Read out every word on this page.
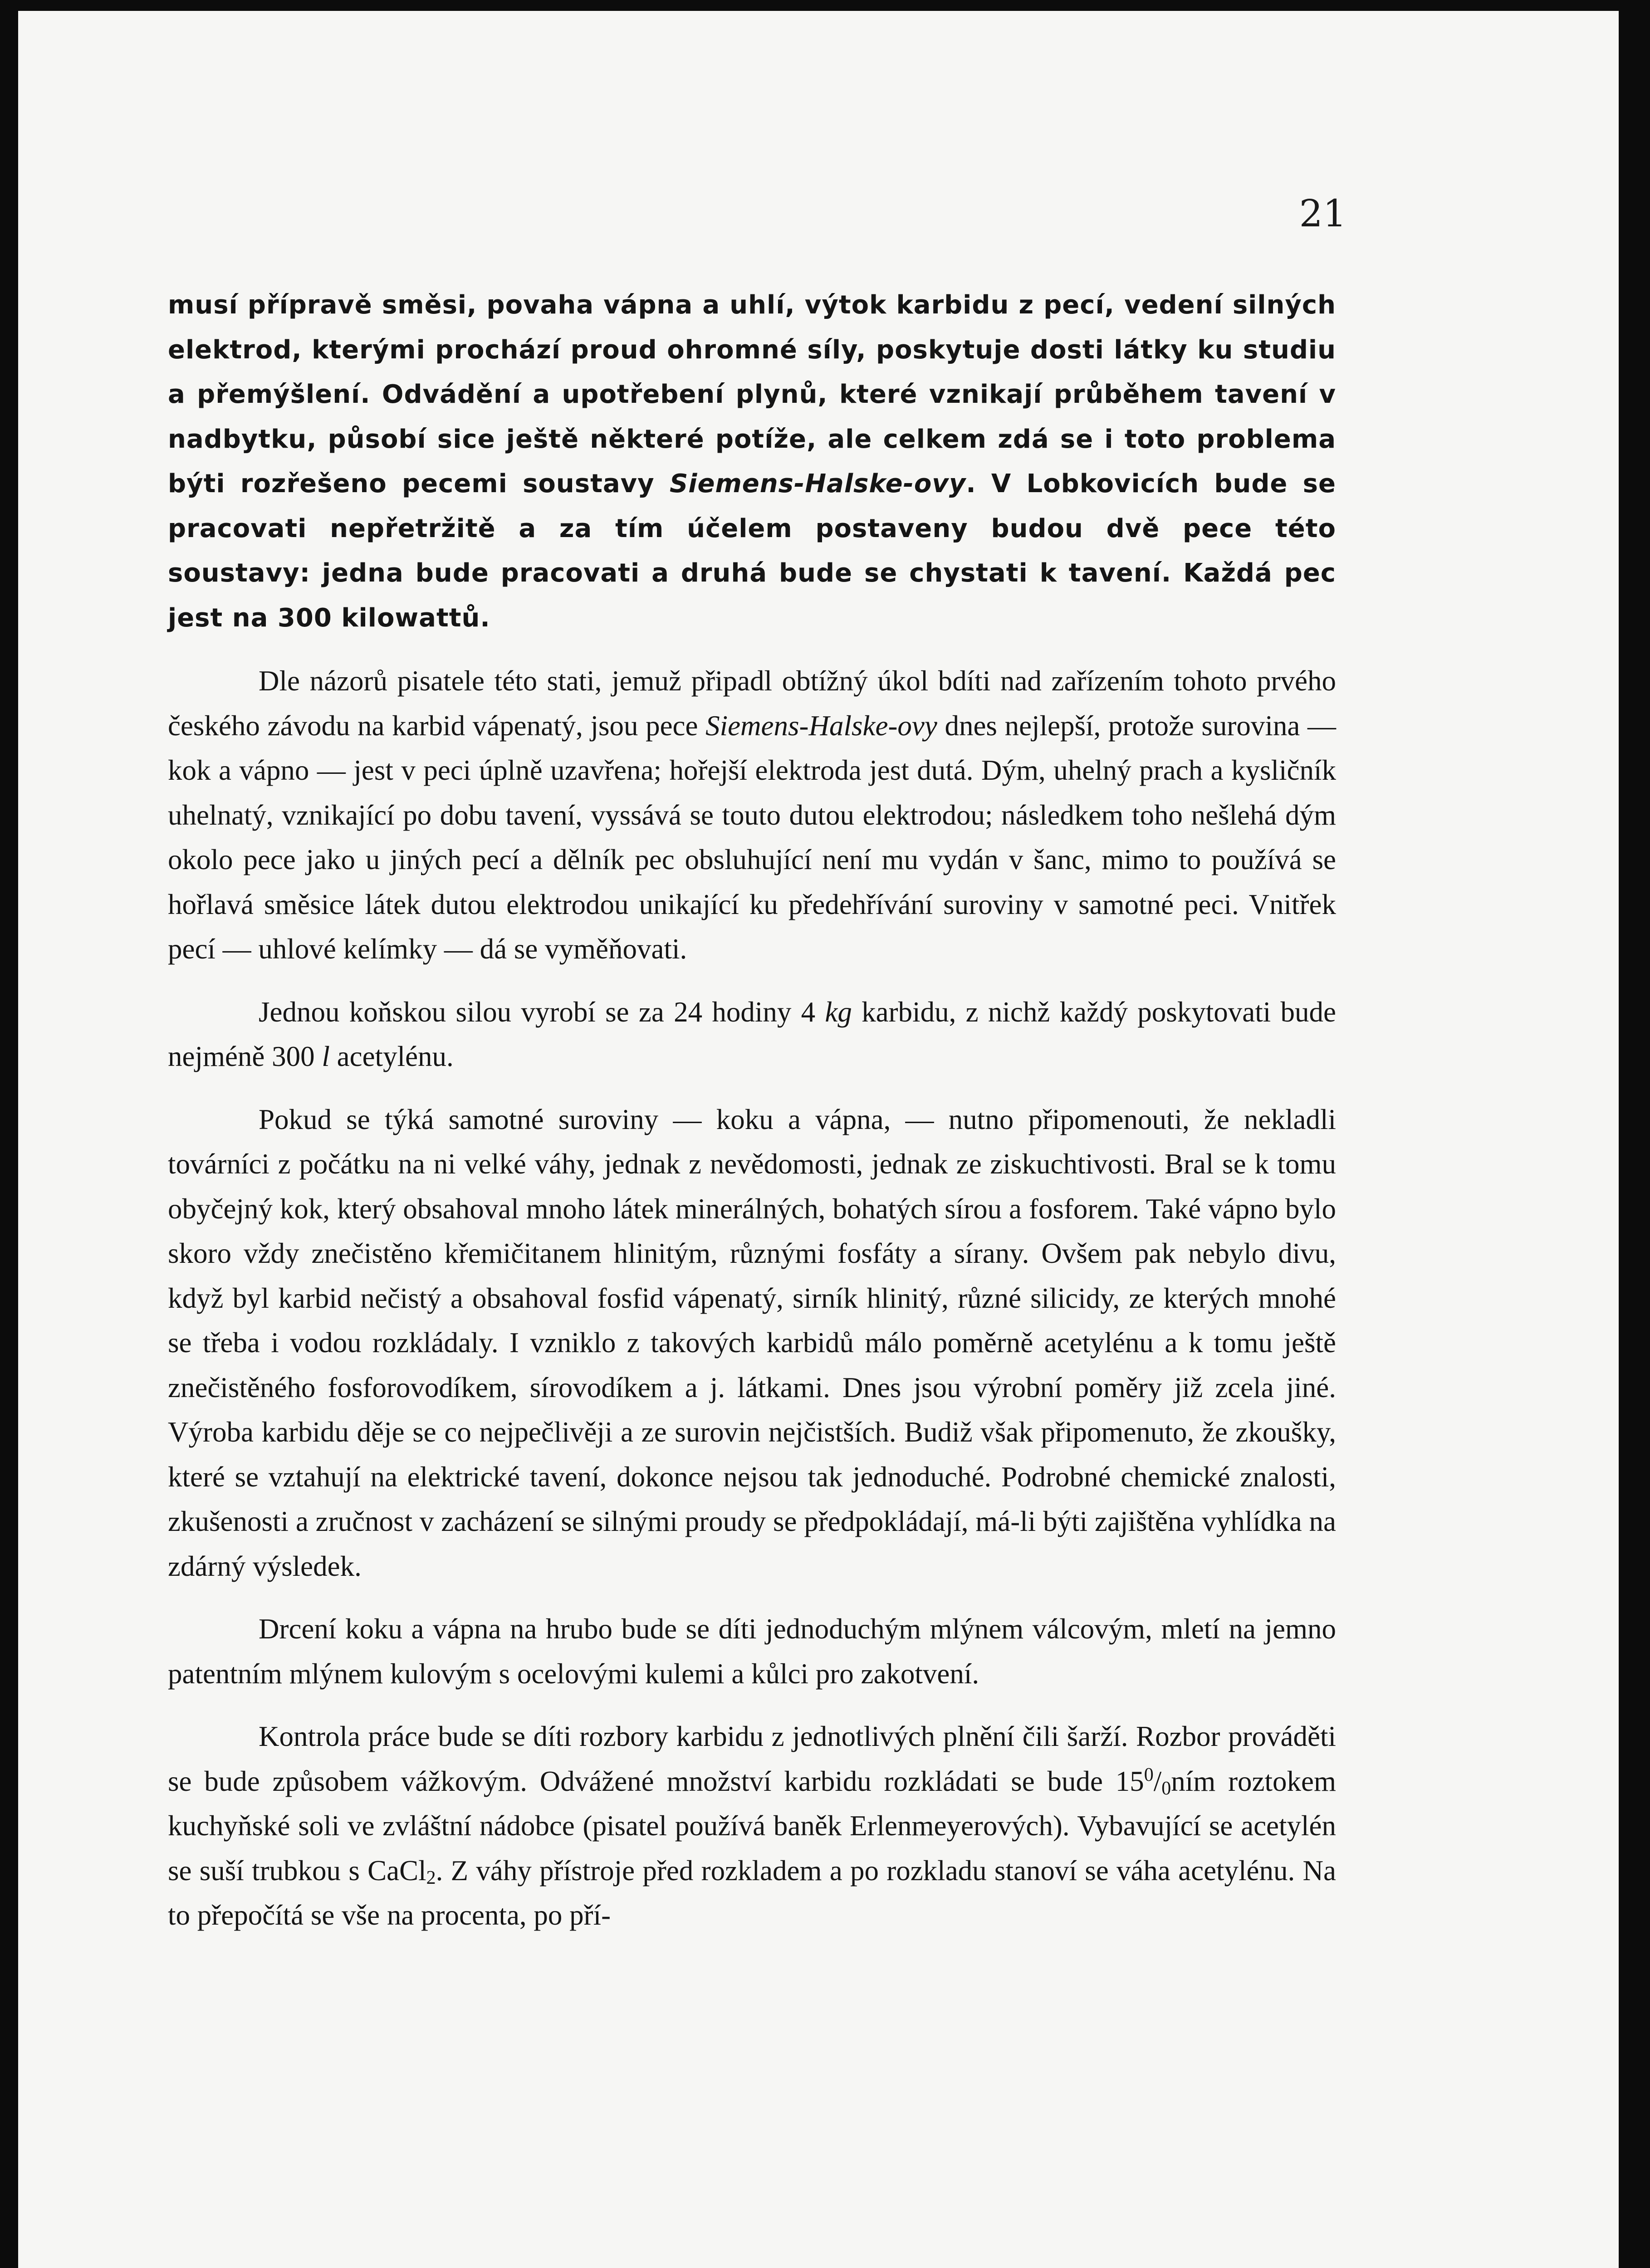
21

musí přípravě směsi, povaha vápna a uhlí, výtok karbidu z pecí, vedení silných elektrod, kterými prochází proud ohromné síly, poskytuje dosti látky ku studiu a přemýšlení. Odvádění a upotřebení plynů, které vznikají průběhem tavení v nadbytku, působí sice ještě některé potíže, ale celkem zdá se i toto problema býti rozřešeno pecemi soustavy Siemens-Halske-ovy. V Lobkovicích bude se pracovati nepřetržitě a za tím účelem postaveny budou dvě pece této soustavy: jedna bude pracovati a druhá bude se chystati k tavení. Každá pec jest na 300 kilowattů.

Dle názorů pisatele této stati, jemuž připadl obtížný úkol bdíti nad zařízením tohoto prvého českého závodu na karbid vápenatý, jsou pece Siemens-Halske-ovy dnes nejlepší, protože surovina — kok a vápno — jest v peci úplně uzavřena; hořejší elektroda jest dutá. Dým, uhelný prach a kysličník uhelnatý, vznikající po dobu tavení, vyssává se touto dutou elektrodou; následkem toho nešlehá dým okolo pece jako u jiných pecí a dělník pec obsluhující není mu vydán v šanc, mimo to používá se hořlavá směsice látek dutou elektrodou unikající ku předehřívání suroviny v samotné peci. Vnitřek pecí — uhlové kelímky — dá se vyměňovati.

Jednou koňskou silou vyrobí se za 24 hodiny 4 kg karbidu, z nichž každý poskytovati bude nejméně 300 l acetylénu.

Pokud se týká samotné suroviny — koku a vápna, — nutno připomenouti, že nekladli továrníci z počátku na ni velké váhy, jednak z nevědomosti, jednak ze ziskuchtivosti. Bral se k tomu obyčejný kok, který obsahoval mnoho látek minerálných, bohatých sírou a fosforem. Také vápno bylo skoro vždy znečistěno křemičitanem hlinitým, různými fosfáty a sírany. Ovšem pak nebylo divu, když byl karbid nečistý a obsahoval fosfid vápenatý, sirník hlinitý, různé silicidy, ze kterých mnohé se třeba i vodou rozkládaly. I vzniklo z takových karbidů málo poměrně acetylénu a k tomu ještě znečistěného fosforovodíkem, sírovodíkem a j. látkami. Dnes jsou výrobní poměry již zcela jiné. Výroba karbidu děje se co nejpečlivěji a ze surovin nejčistších. Budiž však připomenuto, že zkoušky, které se vztahují na elektrické tavení, dokonce nejsou tak jednoduché. Podrobné chemické znalosti, zkušenosti a zručnost v zacházení se silnými proudy se předpokládají, má-li býti zajištěna vyhlídka na zdárný výsledek.

Drcení koku a vápna na hrubo bude se díti jednoduchým mlýnem válcovým, mletí na jemno patentním mlýnem kulovým s ocelovými kulemi a kůlci pro zakotvení.

Kontrola práce bude se díti rozbory karbidu z jednotlivých plnění čili šarží. Rozbor prováděti se bude způsobem vážkovým. Odvážené množství karbidu rozkládati se bude $15^0/_0ním$ roztokem kuchyňské soli ve zvláštní nádobce (pisatel používá baněk Erlenmeyerových). Vybavující se acetylén se suší trubkou s CaCl$_2$. Z váhy přístroje před rozkladem a po rozkladu stanoví se váha acetylénu. Na to přepočítá se vše na procenta, po pří-
